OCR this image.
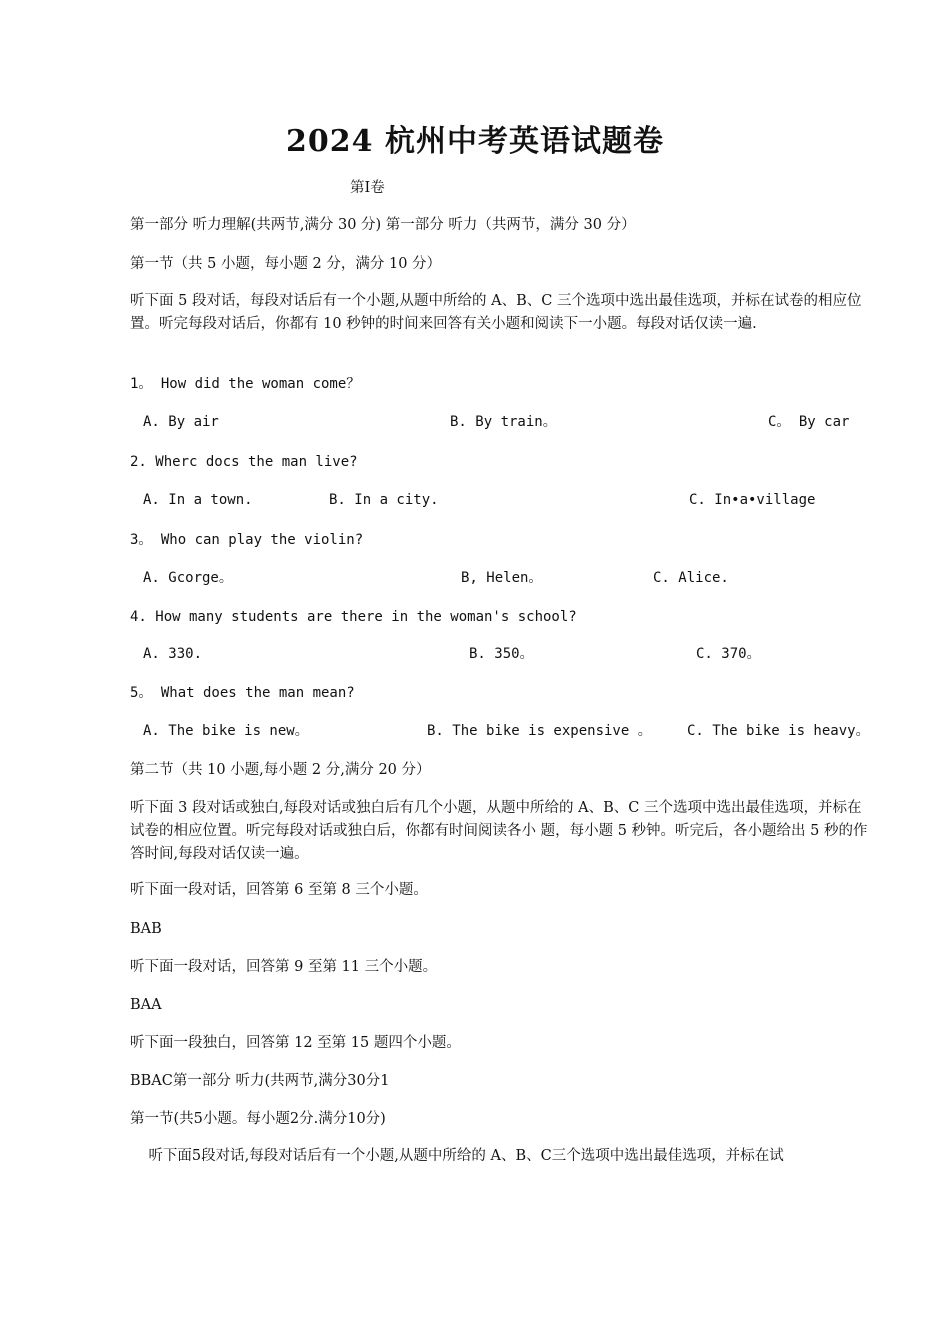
2024 杭州中考英语试题卷
第Ⅰ卷
第一部分 听力理解(共两节,满分 30 分) 第一部分 听力（共两节，满分 30 分）
第一节（共 5 小题，每小题 2 分，满分 10 分）
听下面 5 段对话，每段对话后有一个小题,从题中所给的 A、B、C 三个选项中选出最佳选项，并标在试卷的相应位置。听完每段对话后，你都有 10 秒钟的时间来回答有关小题和阅读下一小题。每段对话仅读一遍.
1。 How did the woman come？
A. By air	B. By train。	C。 By car
2. Wherc docs the man live?
A. In a town.	B. In a city.	C. In•a•village
3。 Who can play the violin?
A. Gcorge。	B, Helen。	C. Alice.
4. How many students are there in the woman's school?
A. 330.	B. 350。	C. 370。
5。 What does the man mean?
A. The bike is new。	B. The bike is expensive 。	C. The bike is heavy。
第二节（共 10 小题,每小题 2 分,满分 20 分）
听下面 3 段对话或独白,每段对话或独白后有几个小题，从题中所给的 A、B、C 三个选项中选出最佳选项，并标在试卷的相应位置。听完每段对话或独白后，你都有时间阅读各小 题，每小题 5 秒钟。听完后，各小题给出 5 秒的作答时间,每段对话仅读一遍。
听下面一段对话，回答第 6 至第 8 三个小题。
BAB
听下面一段对话，回答第 9 至第 11 三个小题。
BAA
听下面一段独白，回答第 12 至第 15 题四个小题。
BBAC第一部分 听力(共两节,满分30分1
第一节(共5小题。每小题2分.满分10分)
听下面5段对话,每段对话后有一个小题,从题中所给的 A、B、C三个选项中选出最佳选项，并标在试
